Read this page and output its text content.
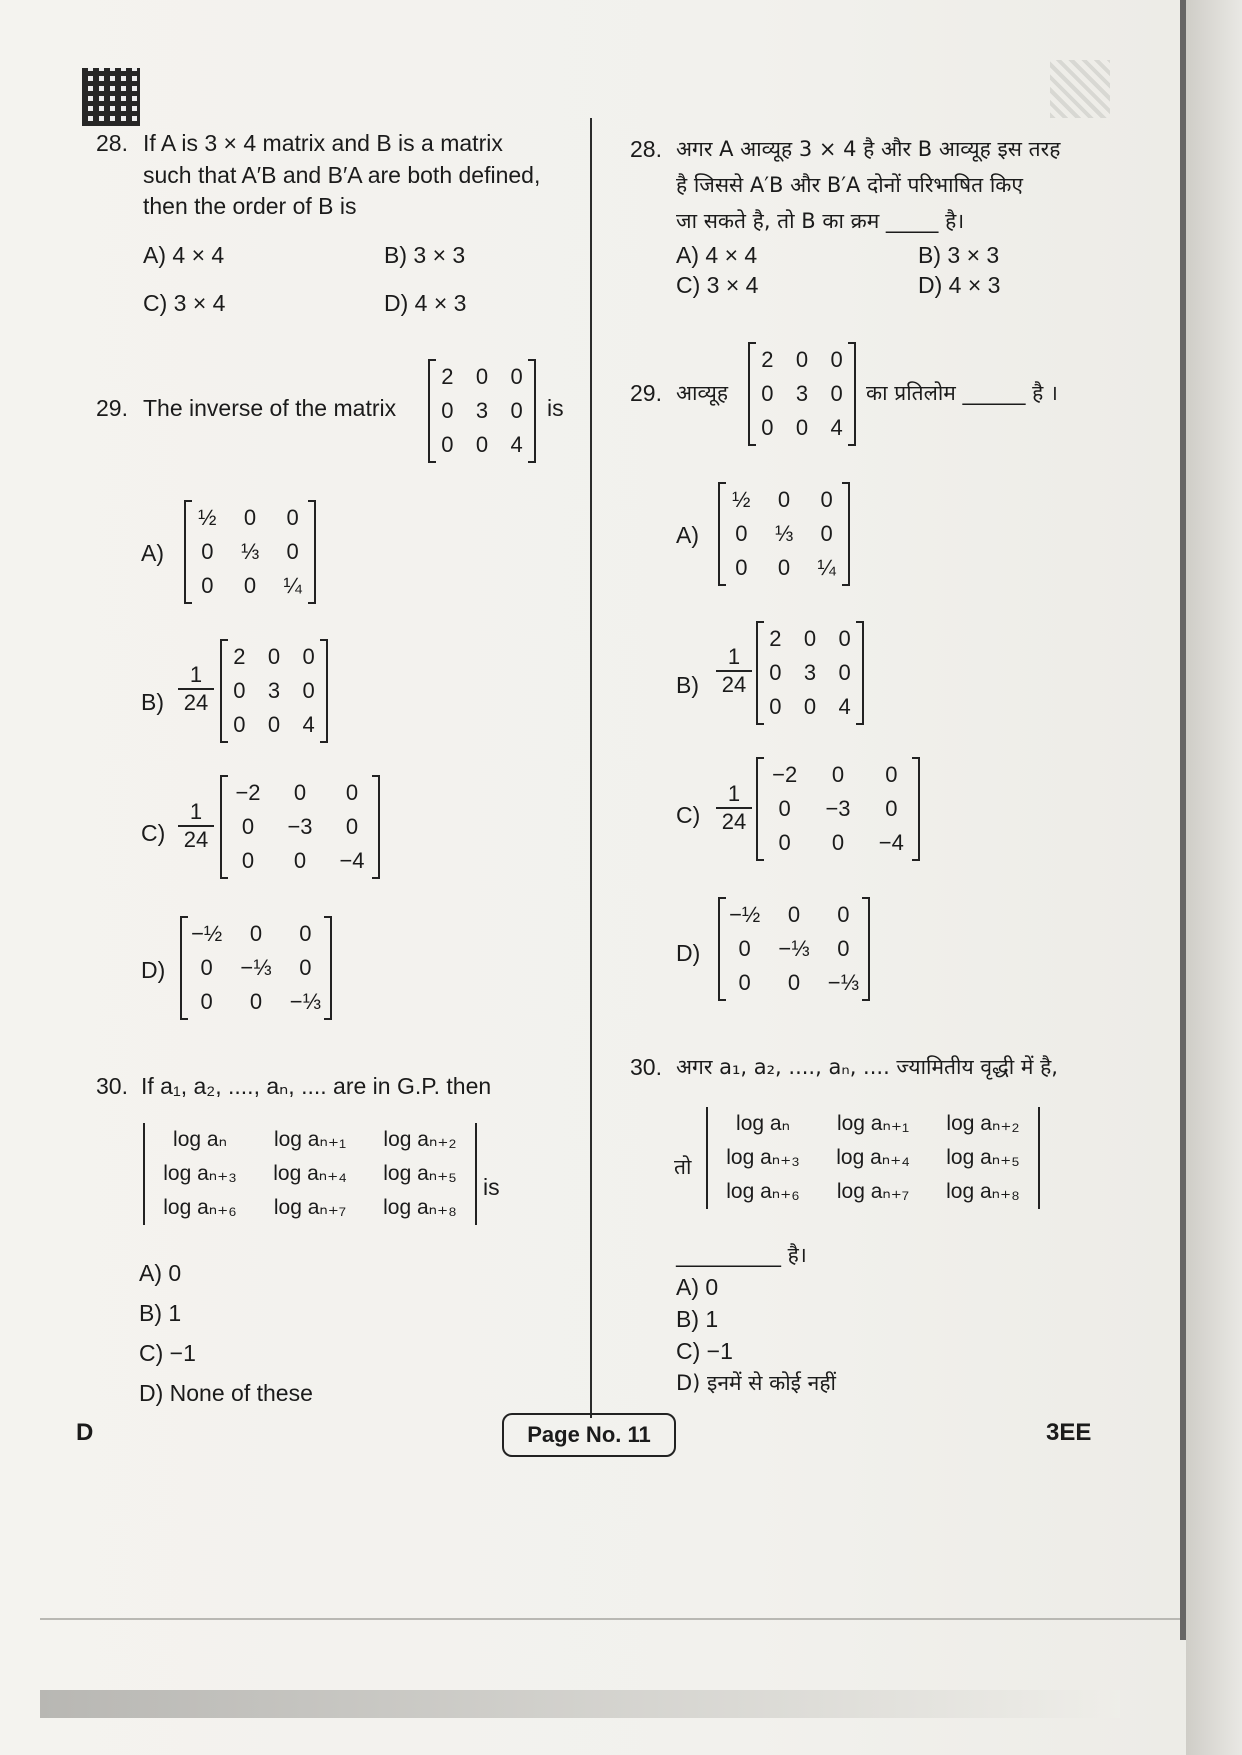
28. If A is 3 × 4 matrix and B is a matrix
such that A′B and B′A are both defined,
then the order of B is
A) 4 × 4	B) 3 × 3
C) 3 × 4	D) 4 × 3
29. The inverse of the matrix
2	0	0
0	3	0
0	0	4
is
A)
½	0	0
0	⅓	0
0	0	¼
B)
1
24
2	0	0
0	3	0
0	0	4
C)
1
24
−2	0	0
0	−3	0
0	0	−4
D)
−½	0	0
0	−⅓	0
0	0	−⅓
30. If a₁, a₂, ...., aₙ, .... are in G.P. then
log aₙ	log aₙ₊₁	log aₙ₊₂
log aₙ₊₃	log aₙ₊₄	log aₙ₊₅
log aₙ₊₆	log aₙ₊₇	log aₙ₊₈
is
A) 0
B) 1
C) −1
D) None of these
28. अगर A आव्यूह 3 × 4 है और B आव्यूह इस तरह
है जिससे A′B और B′A दोनों परिभाषित किए
जा सकते है, तो B का क्रम _____ है।
A) 4 × 4	B) 3 × 3
C) 3 × 4	D) 4 × 3
29. आव्यूह
2	0	0
0	3	0
0	0	4
का प्रतिलोम ______ है ।
A)
½	0	0
0	⅓	0
0	0	¼
B)
1
24
2	0	0
0	3	0
0	0	4
C)
1
24
−2	0	0
0	−3	0
0	0	−4
D)
−½	0	0
0	−⅓	0
0	0	−⅓
30. अगर a₁, a₂, ...., aₙ, .... ज्यामितीय वृद्धी में है,
तो
log aₙ	log aₙ₊₁	log aₙ₊₂
log aₙ₊₃	log aₙ₊₄	log aₙ₊₅
log aₙ₊₆	log aₙ₊₇	log aₙ₊₈
__________ है।
A) 0
B) 1
C) −1
D) इनमें से कोई नहीं
D	Page No. 11	3EE
